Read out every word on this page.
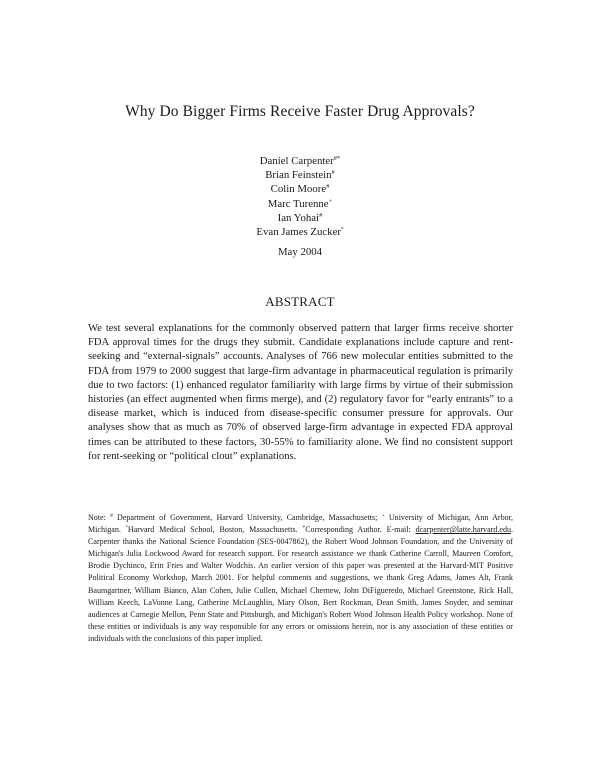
Why Do Bigger Firms Receive Faster Drug Approvals?
Daniel Carpenter#*
Brian Feinstein#
Colin Moore#
Marc Turenne+
Ian Yohai#
Evan James Zucker°
May 2004
ABSTRACT
We test several explanations for the commonly observed pattern that larger firms receive shorter FDA approval times for the drugs they submit. Candidate explanations include capture and rent-seeking and “external-signals” accounts. Analyses of 766 new molecular entities submitted to the FDA from 1979 to 2000 suggest that large-firm advantage in pharmaceutical regulation is primarily due to two factors: (1) enhanced regulator familiarity with large firms by virtue of their submission histories (an effect augmented when firms merge), and (2) regulatory favor for “early entrants” to a disease market, which is induced from disease-specific consumer pressure for approvals. Our analyses show that as much as 70% of observed large-firm advantage in expected FDA approval times can be attributed to these factors, 30-55% to familiarity alone. We find no consistent support for rent-seeking or “political clout” explanations.
Note: # Department of Government, Harvard University, Cambridge, Massachusetts; + University of Michigan, Ann Arbor, Michigan. °Harvard Medical School, Boston, Massachusetts. *Corresponding Author. E-mail: dcarpenter@latte.harvard.edu. Carpenter thanks the National Science Foundation (SES-0047862), the Robert Wood Johnson Foundation, and the University of Michigan's Julia Lockwood Award for research support. For research assistance we thank Catherine Carroll, Maureen Comfort, Brodie Dychinco, Erin Fries and Walter Wodchis. An earlier version of this paper was presented at the Harvard-MIT Positive Political Economy Workshop, March 2001. For helpful comments and suggestions, we thank Greg Adams, James Alt, Frank Baumgartner, William Bianco, Alan Cohen, Julie Cullen, Michael Chernew, John DiFigueredo, Michael Greenstone, Rick Hall, William Keech, LaVonne Lang, Catherine McLaughlin, Mary Olson, Bert Rockman, Dean Smith, James Snyder, and seminar audiences at Carnegie Mellon, Penn State and Pittsburgh, and Michigan's Robert Wood Johnson Health Policy workshop. None of these entities or individuals is any way responsible for any errors or omissions herein, nor is any association of these entities or individuals with the conclusions of this paper implied.
